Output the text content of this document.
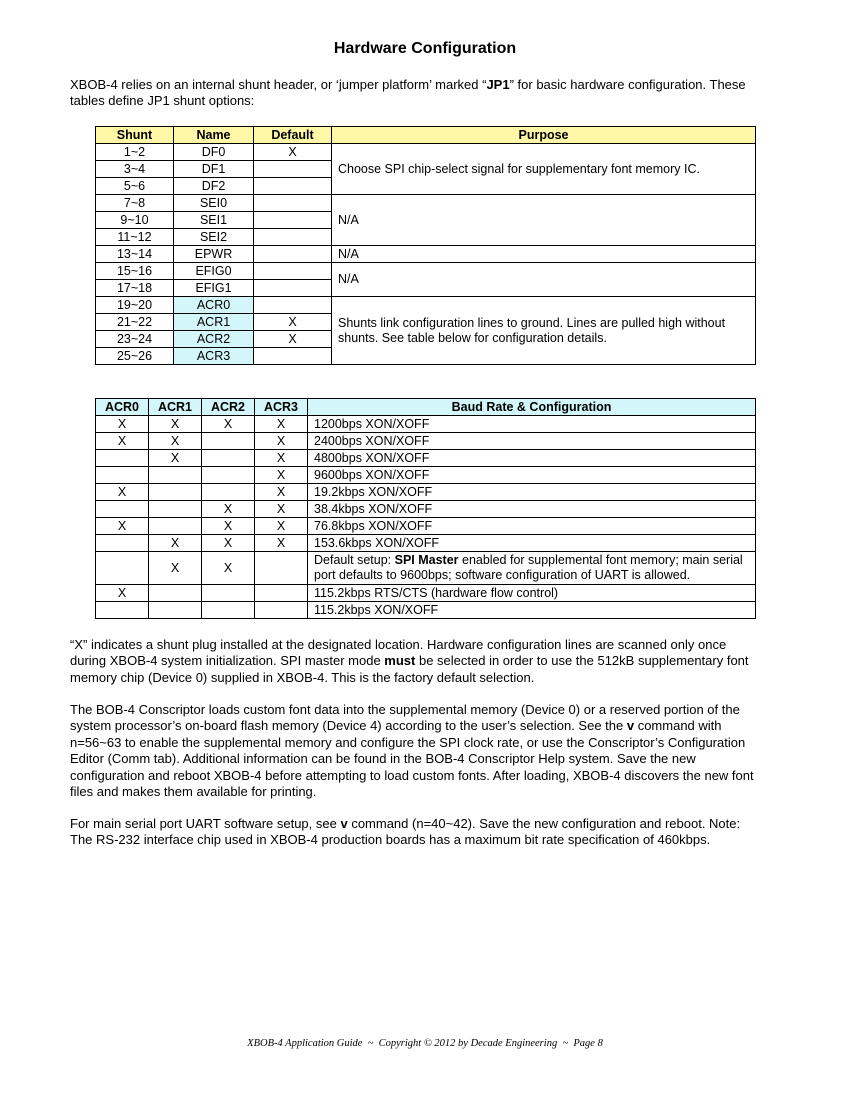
Hardware Configuration

XBOB-4 relies on an internal shunt header, or ‘jumper platform’ marked “JP1” for basic hardware configuration. These tables define JP1 shunt options:

Shunt	Name	Default	Purpose
1~2	DF0	X	Choose SPI chip-select signal for supplementary font memory IC.
3~4	DF1		
5~6	DF2		
7~8	SEI0		N/A
9~10	SEI1		
11~12	SEI2		
13~14	EPWR		N/A
15~16	EFIG0		N/A
17~18	EFIG1		
19~20	ACR0		Shunts link configuration lines to ground. Lines are pulled high without shunts. See table below for configuration details.
21~22	ACR1	X	
23~24	ACR2	X	
25~26	ACR3		
ACR0	ACR1	ACR2	ACR3	Baud Rate & Configuration
X	X	X	X	1200bps XON/XOFF
X	X		X	2400bps XON/XOFF
	X		X	4800bps XON/XOFF
			X	9600bps XON/XOFF
X			X	19.2kbps XON/XOFF
		X	X	38.4kbps XON/XOFF
X		X	X	76.8kbps XON/XOFF
	X	X	X	153.6kbps XON/XOFF
	X	X		Default setup: SPI Master enabled for supplemental font memory; main serial port defaults to 9600bps; software configuration of UART is allowed.
X				115.2kbps RTS/CTS (hardware flow control)
				115.2kbps XON/XOFF

“X” indicates a shunt plug installed at the designated location. Hardware configuration lines are scanned only once during XBOB-4 system initialization. SPI master mode must be selected in order to use the 512kB supplementary font memory chip (Device 0) supplied in XBOB-4. This is the factory default selection.

The BOB-4 Conscriptor loads custom font data into the supplemental memory (Device 0) or a reserved portion of the system processor’s on-board flash memory (Device 4) according to the user’s selection. See the v command with n=56~63 to enable the supplemental memory and configure the SPI clock rate, or use the Conscriptor’s Configuration Editor (Comm tab). Additional information can be found in the BOB-4 Conscriptor Help system. Save the new configuration and reboot XBOB-4 before attempting to load custom fonts. After loading, XBOB-4 discovers the new font files and makes them available for printing.

For main serial port UART software setup, see v command (n=40~42). Save the new configuration and reboot. Note: The RS-232 interface chip used in XBOB-4 production boards has a maximum bit rate specification of 460kbps.

XBOB-4 Application Guide  ~  Copyright © 2012 by Decade Engineering  ~  Page 8
